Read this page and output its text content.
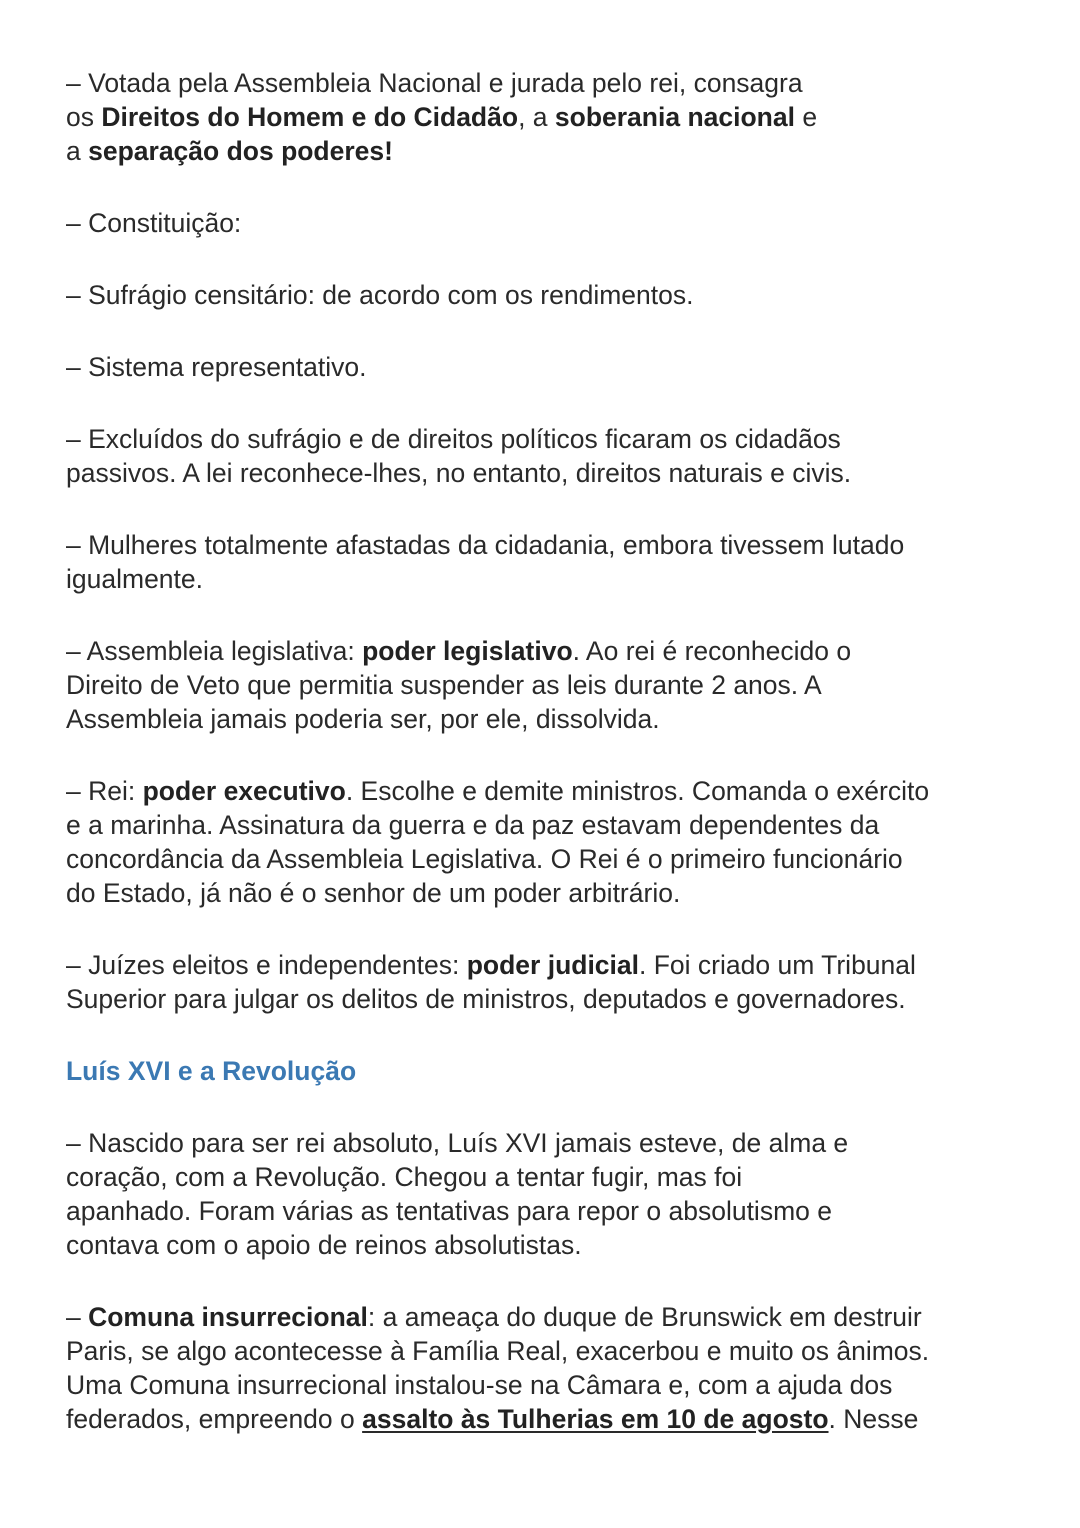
– Votada pela Assembleia Nacional e jurada pelo rei, consagra
os Direitos do Homem e do Cidadão, a soberania nacional e
a separação dos poderes!
– Constituição:
– Sufrágio censitário: de acordo com os rendimentos.
– Sistema representativo.
– Excluídos do sufrágio e de direitos políticos ficaram os cidadãos
passivos. A lei reconhece-lhes, no entanto, direitos naturais e civis.
– Mulheres totalmente afastadas da cidadania, embora tivessem lutado
igualmente.
– Assembleia legislativa: poder legislativo. Ao rei é reconhecido o
Direito de Veto que permitia suspender as leis durante 2 anos. A
Assembleia jamais poderia ser, por ele, dissolvida.
– Rei: poder executivo. Escolhe e demite ministros. Comanda o exército
e a marinha. Assinatura da guerra e da paz estavam dependentes da
concordância da Assembleia Legislativa. O Rei é o primeiro funcionário
do Estado, já não é o senhor de um poder arbitrário.
– Juízes eleitos e independentes: poder judicial. Foi criado um Tribunal
Superior para julgar os delitos de ministros, deputados e governadores.
Luís XVI e a Revolução
– Nascido para ser rei absoluto, Luís XVI jamais esteve, de alma e
coração, com a Revolução. Chegou a tentar fugir, mas foi
apanhado. Foram várias as tentativas para repor o absolutismo e
contava com o apoio de reinos absolutistas.
– Comuna insurrecional: a ameaça do duque de Brunswick em destruir
Paris, se algo acontecesse à Família Real, exacerbou e muito os ânimos.
Uma Comuna insurrecional instalou-se na Câmara e, com a ajuda dos
federados, empreendo o assalto às Tulherias em 10 de agosto. Nesse
